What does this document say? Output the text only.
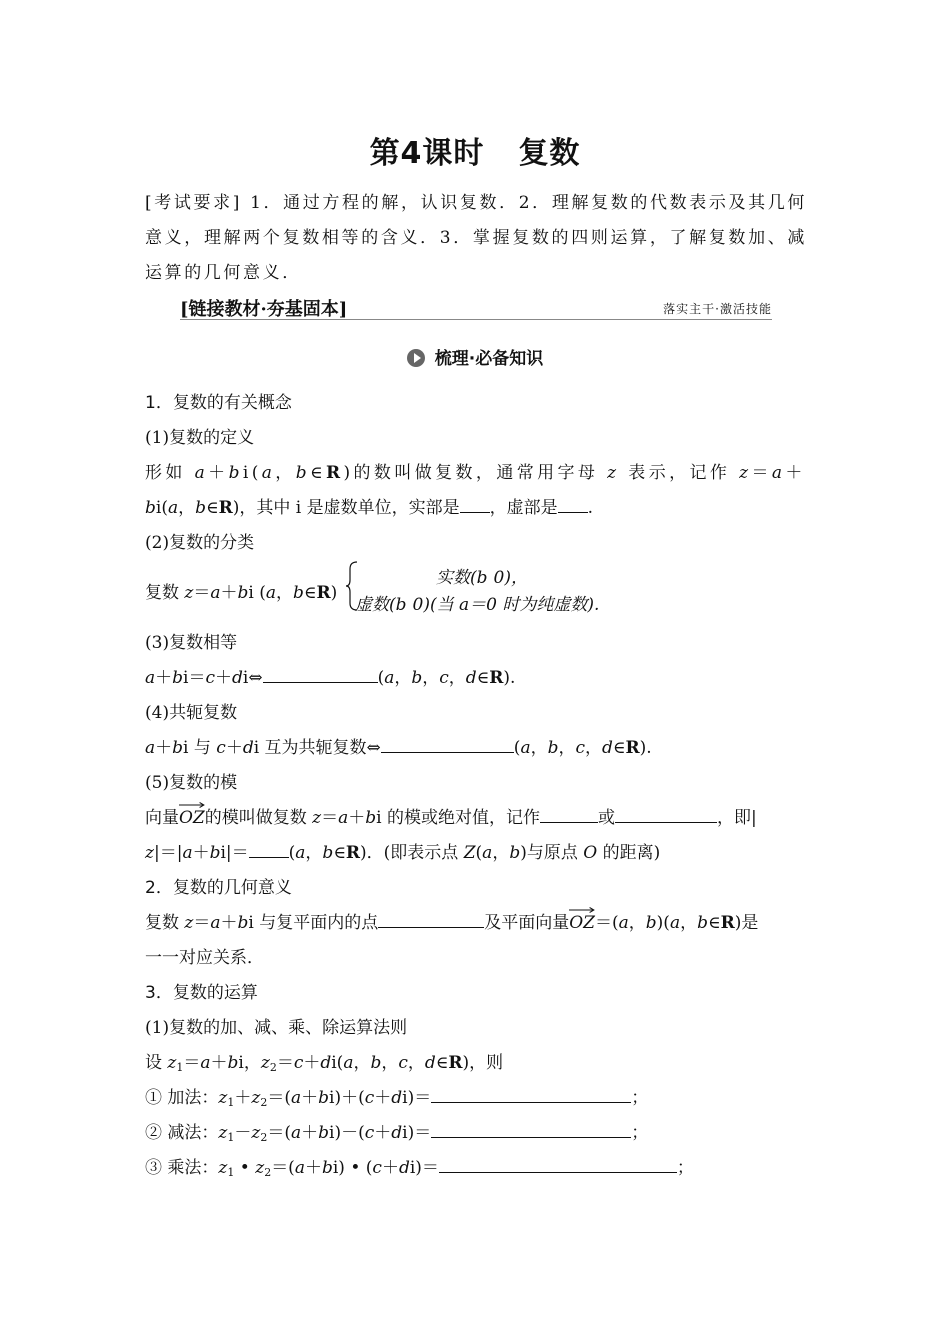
第4课时 复数
[考试要求] 1．通过方程的解，认识复数．2．理解复数的代数表示及其几何意义，理解两个复数相等的含义．3．掌握复数的四则运算，了解复数加、减运算的几何意义．
[链接教材·夯基固本]	落实主干·激活技能
梳理·必备知识
1．复数的有关概念
(1)复数的定义
形如 a＋bi(a，b∈R)的数叫做复数，通常用字母 z 表示，记作 z＝a＋
bi(a，b∈R)，其中 i 是虚数单位，实部是 ，虚部是 .
(2)复数的分类
复数 z＝a＋bi (a，b∈R)
实数(b 0)，
虚数(b 0)(当 a＝0 时为纯虚数).
(3)复数相等
a＋bi＝c＋di⇔	(a，b，c，d∈R).
(4)共轭复数
a＋bi 与 c＋di 互为共轭复数⇔	(a，b，c，d∈R).
(5)复数的模
向量
OZ的模叫做复数 z＝a＋bi 的模或绝对值，记作	或	，即|
z|＝|a＋bi|＝ (a，b∈R)．(即表示点 Z(a，b)与原点 O 的距离)
2．复数的几何意义
复数 z＝a＋bi 与复平面内的点	及平面向量
OZ＝(a，b)(a，b∈R)是
一一对应关系．
3．复数的运算
(1)复数的加、减、乘、除运算法则
设 $z_1=a+bi$，$z_2=c+di(a$，b，c，d∈R)，则
① 加法：$z_1+z_2=(a+bi)+(c+di)=$	；
② 减法：$z_1-z_2=(a+bi)-(c+di)=$	；
③ 乘法：$z_1$ • $z_2=(a+bi)$ • (c＋di)＝	；
